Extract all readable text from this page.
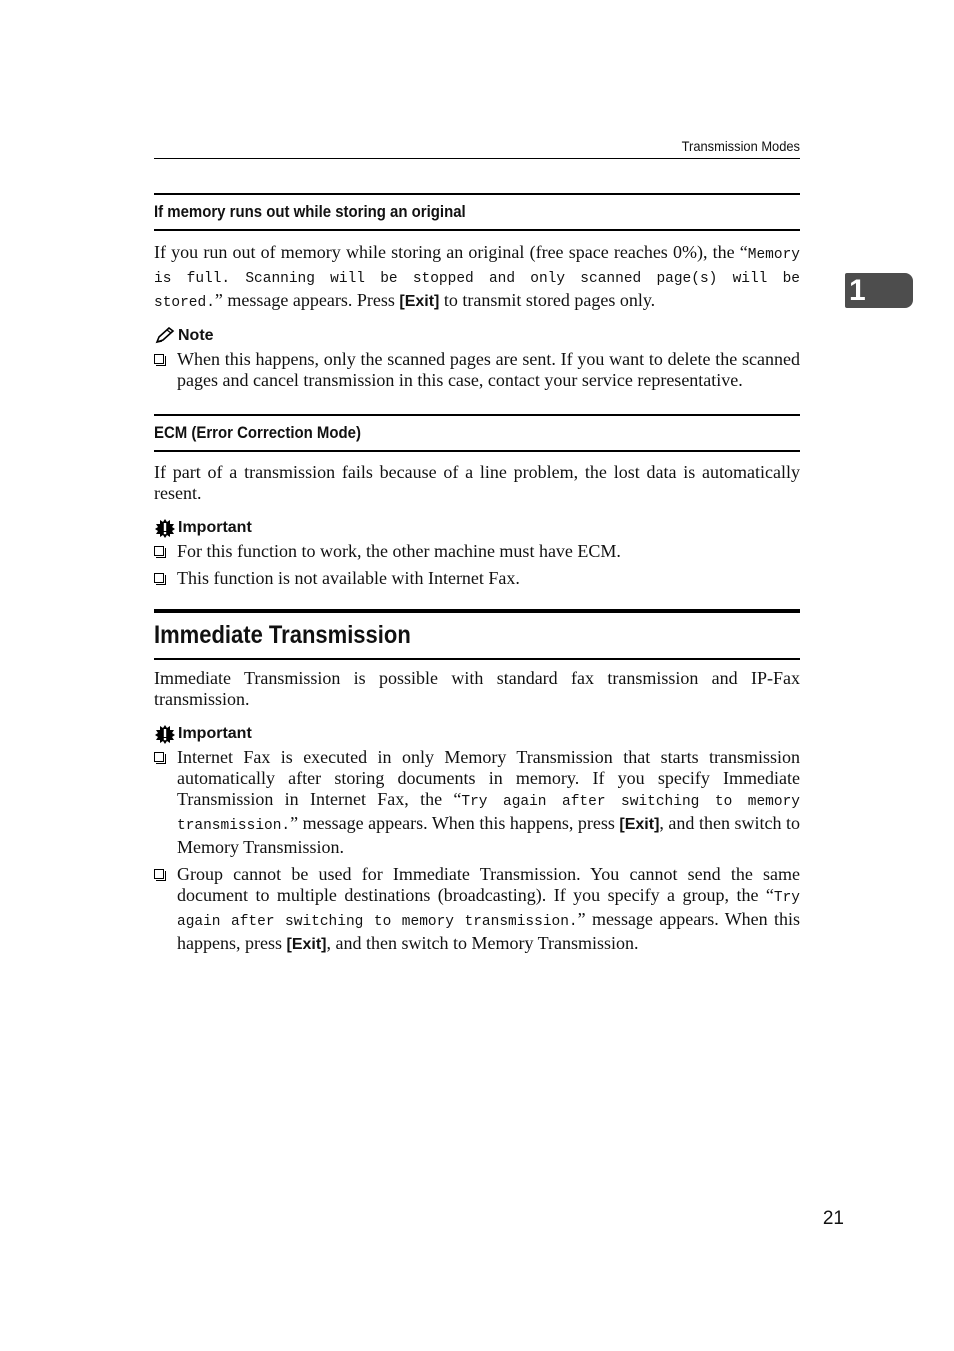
Transmission Modes
1
If memory runs out while storing an original

If you run out of memory while storing an original (free space reaches 0%), the “Memory is full. Scanning will be stopped and only scanned page(s) will be stored.” message appears. Press [Exit] to transmit stored pages only.

Note
When this happens, only the scanned pages are sent. If you want to delete the scanned pages and cancel transmission in this case, contact your service representative.
ECM (Error Correction Mode)

If part of a transmission fails because of a line problem, the lost data is automatically resent.

Important
For this function to work, the other machine must have ECM.
This function is not available with Internet Fax.
Immediate Transmission

Immediate Transmission is possible with standard fax transmission and IP-Fax transmission.

Important
Internet Fax is executed in only Memory Transmission that starts transmission automatically after storing documents in memory. If you specify Immediate Transmission in Internet Fax, the “Try again after switching to memory transmission.” message appears. When this happens, press [Exit], and then switch to Memory Transmission.
Group cannot be used for Immediate Transmission. You cannot send the same document to multiple destinations (broadcasting). If you specify a group, the “Try again after switching to memory transmission.” message appears. When this happens, press [Exit], and then switch to Memory Transmission.
21
